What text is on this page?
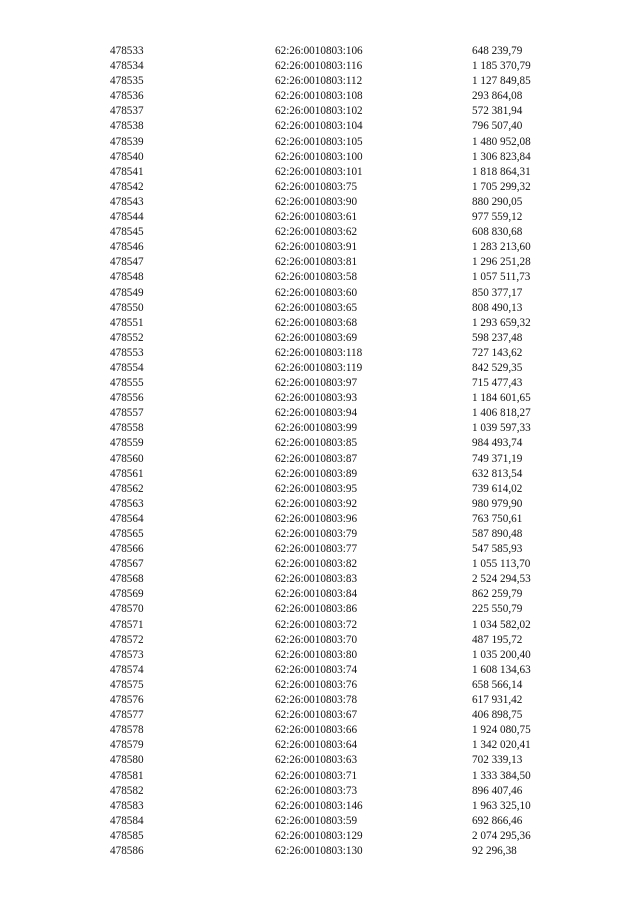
478533	62:26:0010803:106	648 239,79
478534	62:26:0010803:116	1 185 370,79
478535	62:26:0010803:112	1 127 849,85
478536	62:26:0010803:108	293 864,08
478537	62:26:0010803:102	572 381,94
478538	62:26:0010803:104	796 507,40
478539	62:26:0010803:105	1 480 952,08
478540	62:26:0010803:100	1 306 823,84
478541	62:26:0010803:101	1 818 864,31
478542	62:26:0010803:75	1 705 299,32
478543	62:26:0010803:90	880 290,05
478544	62:26:0010803:61	977 559,12
478545	62:26:0010803:62	608 830,68
478546	62:26:0010803:91	1 283 213,60
478547	62:26:0010803:81	1 296 251,28
478548	62:26:0010803:58	1 057 511,73
478549	62:26:0010803:60	850 377,17
478550	62:26:0010803:65	808 490,13
478551	62:26:0010803:68	1 293 659,32
478552	62:26:0010803:69	598 237,48
478553	62:26:0010803:118	727 143,62
478554	62:26:0010803:119	842 529,35
478555	62:26:0010803:97	715 477,43
478556	62:26:0010803:93	1 184 601,65
478557	62:26:0010803:94	1 406 818,27
478558	62:26:0010803:99	1 039 597,33
478559	62:26:0010803:85	984 493,74
478560	62:26:0010803:87	749 371,19
478561	62:26:0010803:89	632 813,54
478562	62:26:0010803:95	739 614,02
478563	62:26:0010803:92	980 979,90
478564	62:26:0010803:96	763 750,61
478565	62:26:0010803:79	587 890,48
478566	62:26:0010803:77	547 585,93
478567	62:26:0010803:82	1 055 113,70
478568	62:26:0010803:83	2 524 294,53
478569	62:26:0010803:84	862 259,79
478570	62:26:0010803:86	225 550,79
478571	62:26:0010803:72	1 034 582,02
478572	62:26:0010803:70	487 195,72
478573	62:26:0010803:80	1 035 200,40
478574	62:26:0010803:74	1 608 134,63
478575	62:26:0010803:76	658 566,14
478576	62:26:0010803:78	617 931,42
478577	62:26:0010803:67	406 898,75
478578	62:26:0010803:66	1 924 080,75
478579	62:26:0010803:64	1 342 020,41
478580	62:26:0010803:63	702 339,13
478581	62:26:0010803:71	1 333 384,50
478582	62:26:0010803:73	896 407,46
478583	62:26:0010803:146	1 963 325,10
478584	62:26:0010803:59	692 866,46
478585	62:26:0010803:129	2 074 295,36
478586	62:26:0010803:130	92 296,38
